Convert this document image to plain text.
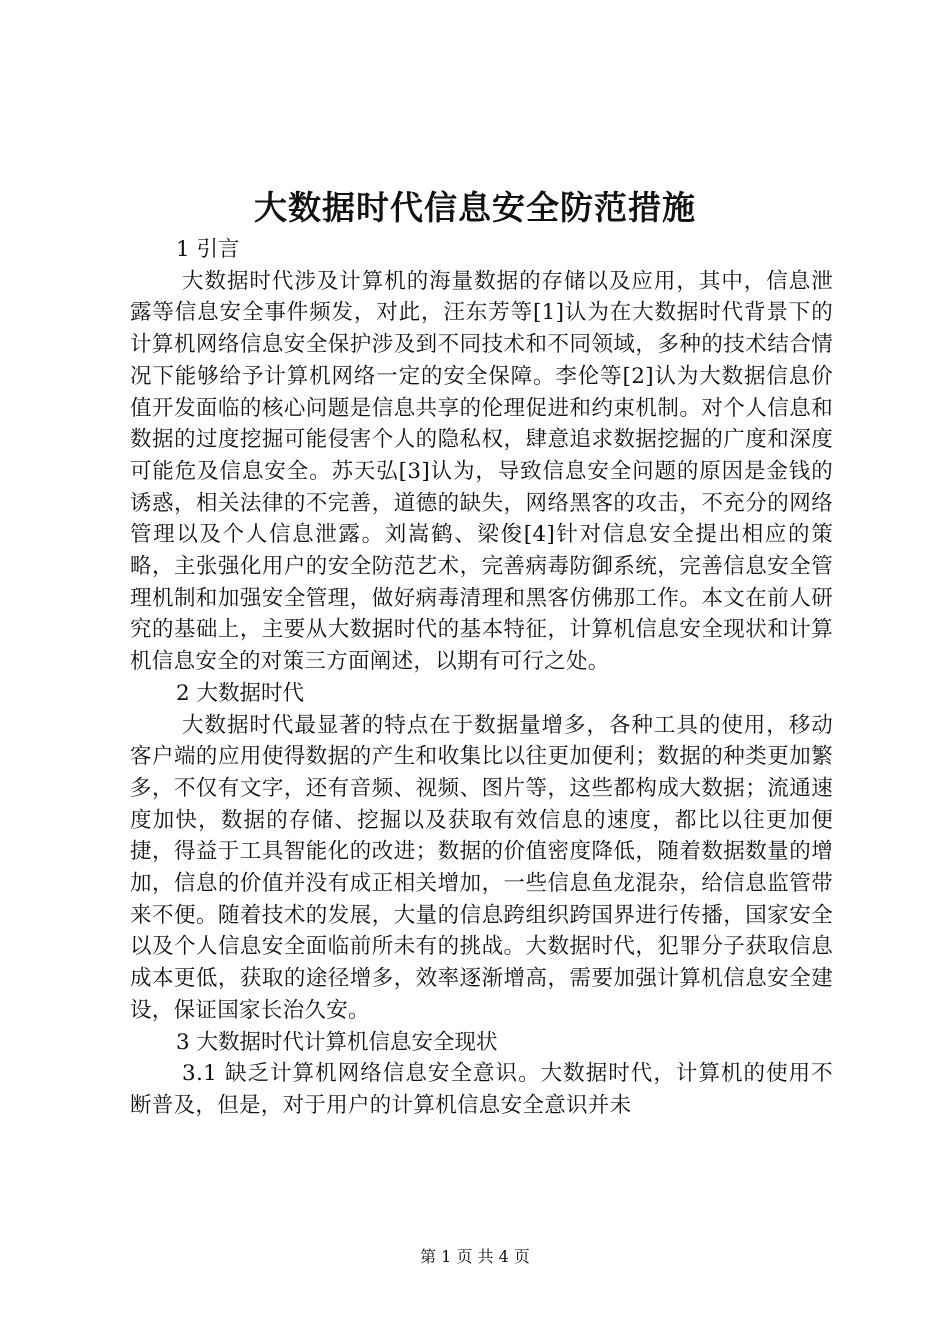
大数据时代信息安全防范措施

1 引言

大数据时代涉及计算机的海量数据的存储以及应用，其中，信息泄露等信息安全事件频发，对此，汪东芳等[1]认为在大数据时代背景下的计算机网络信息安全保护涉及到不同技术和不同领域，多种的技术结合情况下能够给予计算机网络一定的安全保障。李伦等[2]认为大数据信息价值开发面临的核心问题是信息共享的伦理促进和约束机制。对个人信息和数据的过度挖掘可能侵害个人的隐私权，肆意追求数据挖掘的广度和深度可能危及信息安全。苏天弘[3]认为，导致信息安全问题的原因是金钱的诱惑，相关法律的不完善，道德的缺失，网络黑客的攻击，不充分的网络管理以及个人信息泄露。刘嵩鹤、梁俊[4]针对信息安全提出相应的策略，主张强化用户的安全防范艺术，完善病毒防御系统，完善信息安全管理机制和加强安全管理，做好病毒清理和黑客仿佛那工作。本文在前人研究的基础上，主要从大数据时代的基本特征，计算机信息安全现状和计算机信息安全的对策三方面阐述，以期有可行之处。

2 大数据时代

大数据时代最显著的特点在于数据量增多，各种工具的使用，移动客户端的应用使得数据的产生和收集比以往更加便利；数据的种类更加繁多，不仅有文字，还有音频、视频、图片等，这些都构成大数据；流通速度加快，数据的存储、挖掘以及获取有效信息的速度，都比以往更加便捷，得益于工具智能化的改进；数据的价值密度降低，随着数据数量的增加，信息的价值并没有成正相关增加，一些信息鱼龙混杂，给信息监管带来不便。随着技术的发展，大量的信息跨组织跨国界进行传播，国家安全以及个人信息安全面临前所未有的挑战。大数据时代，犯罪分子获取信息成本更低，获取的途径增多，效率逐渐增高，需要加强计算机信息安全建设，保证国家长治久安。

3 大数据时代计算机信息安全现状

3.1 缺乏计算机网络信息安全意识。大数据时代，计算机的使用不断普及，但是，对于用户的计算机信息安全意识并未

第 1 页 共 4 页
